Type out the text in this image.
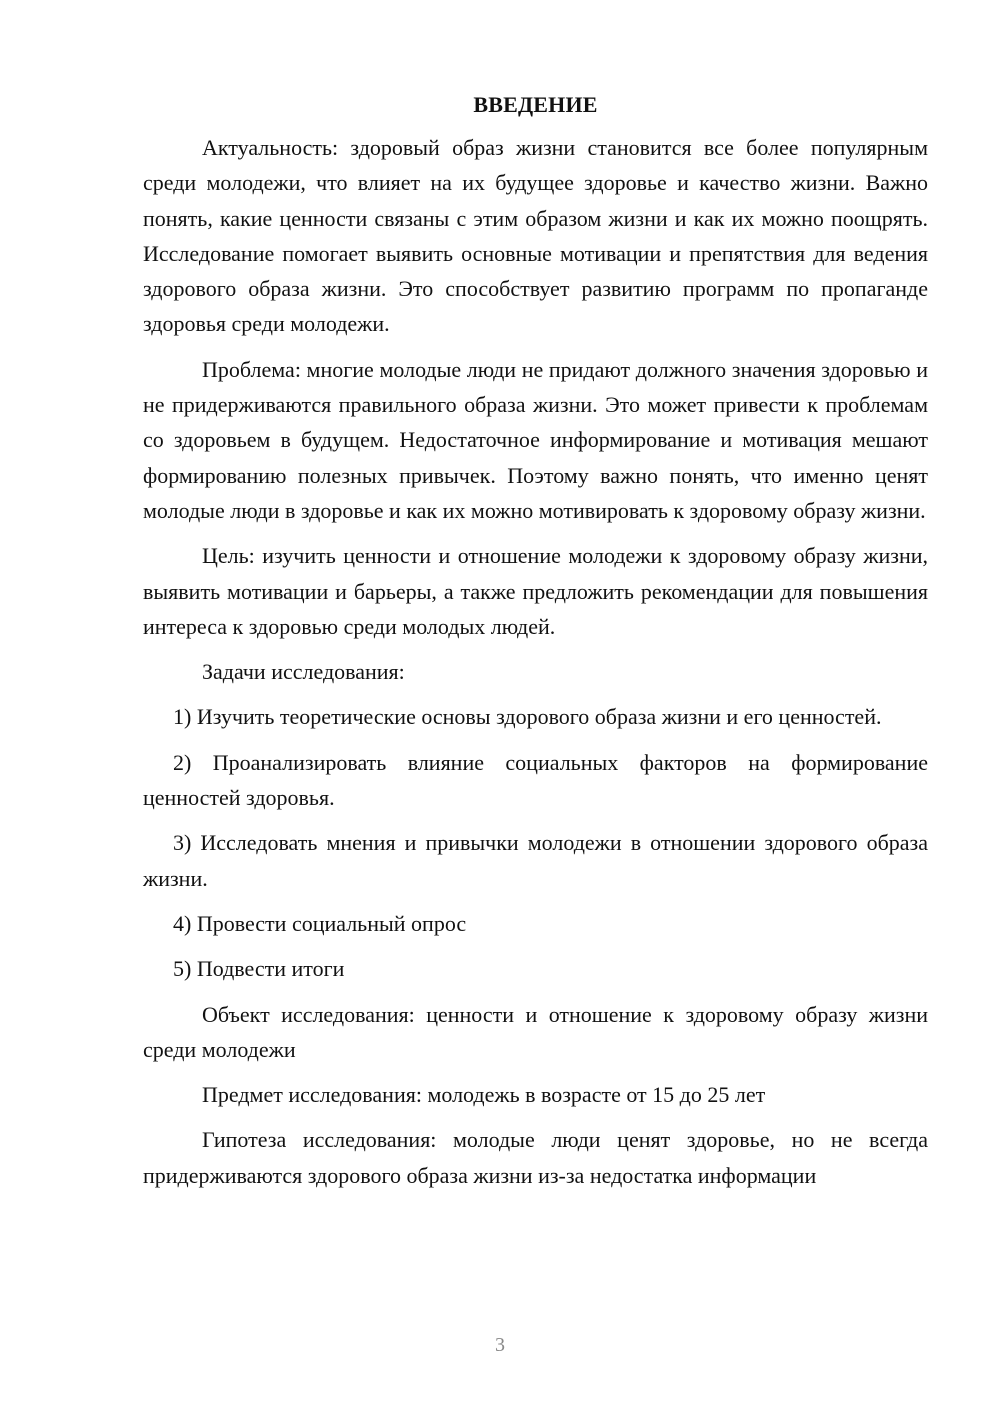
ВВЕДЕНИЕ

Актуальность: здоровый образ жизни становится все более популярным среди молодежи, что влияет на их будущее здоровье и качество жизни. Важно понять, какие ценности связаны с этим образом жизни и как их можно поощрять. Исследование помогает выявить основные мотивации и препятствия для ведения здорового образа жизни. Это способствует развитию программ по пропаганде здоровья среди молодежи.

Проблема: многие молодые люди не придают должного значения здоровью и не придерживаются правильного образа жизни. Это может привести к проблемам со здоровьем в будущем. Недостаточное информирование и мотивация мешают формированию полезных привычек. Поэтому важно понять, что именно ценят молодые люди в здоровье и как их можно мотивировать к здоровому образу жизни.

Цель: изучить ценности и отношение молодежи к здоровому образу жизни, выявить мотивации и барьеры, а также предложить рекомендации для повышения интереса к здоровью среди молодых людей.

Задачи исследования:

1) Изучить теоретические основы здорового образа жизни и его ценностей.

2) Проанализировать влияние социальных факторов на формирование ценностей здоровья.

3) Исследовать мнения и привычки молодежи в отношении здорового образа жизни.

4) Провести социальный опрос

5) Подвести итоги

Объект исследования: ценности и отношение к здоровому образу жизни среди молодежи

Предмет исследования: молодежь в возрасте от 15 до 25 лет

Гипотеза исследования: молодые люди ценят здоровье, но не всегда придерживаются здорового образа жизни из-за недостатка информации

3
